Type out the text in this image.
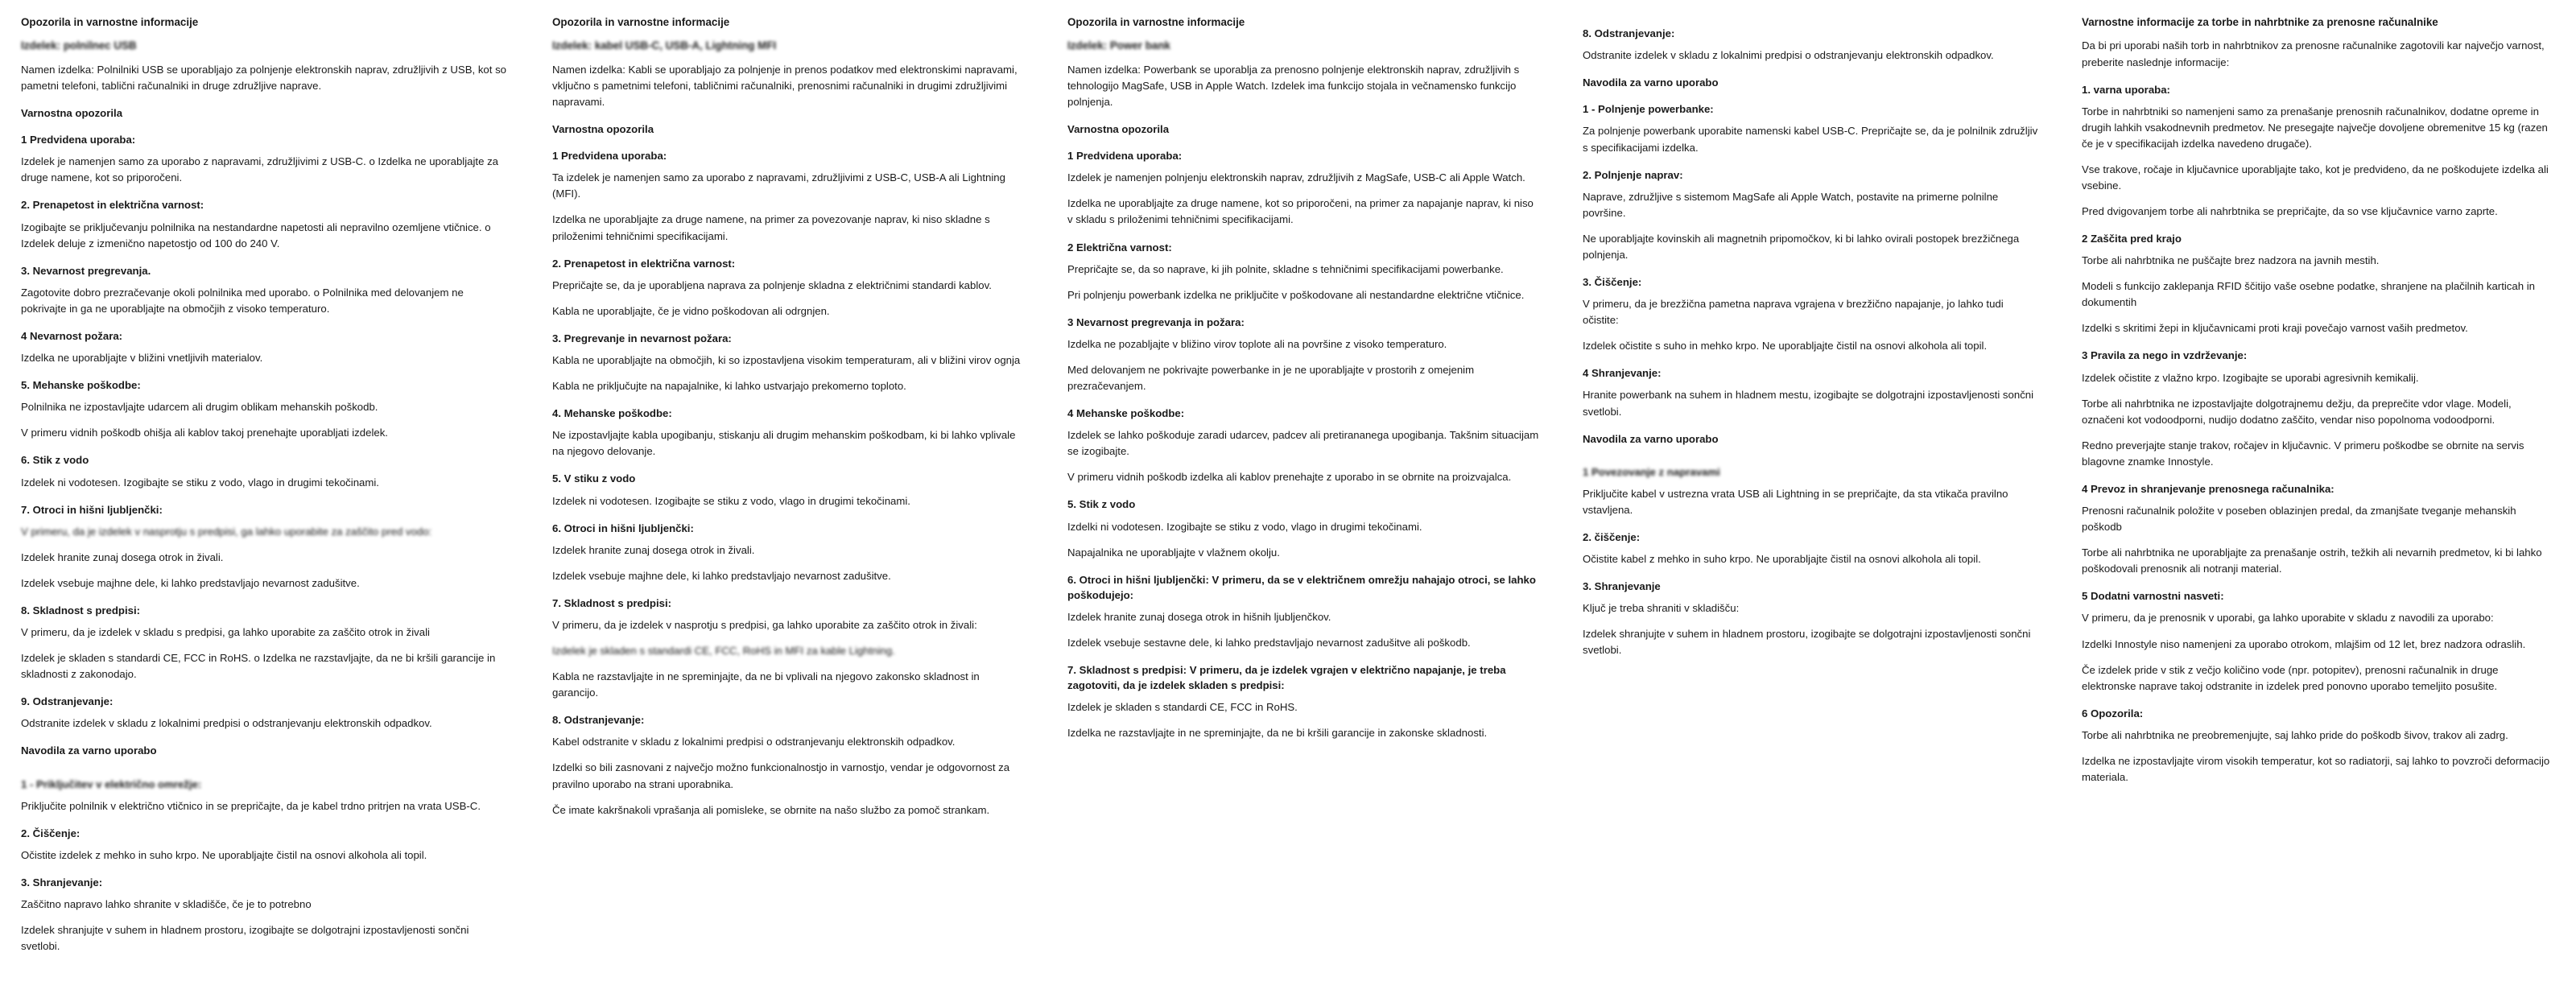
Opozorila in varnostne informacije
Izdelek: polnilnec USB
Namen izdelka: Polnilniki USB se uporabljajo za polnjenje elektronskih naprav, združljivih z USB, kot so pametni telefoni, tablični računalniki in druge združljive naprave.
Varnostna opozorila
1 Predvidena uporaba:
Izdelek je namenjen samo za uporabo z napravami, združljivimi z USB-C. o Izdelka ne uporabljajte za druge namene, kot so priporočeni.
2. Prenapetost in električna varnost:
Izogibajte se priključevanju polnilnika na nestandardne napetosti ali nepravilno ozemljene vtičnice. o Izdelek deluje z izmenično napetostjo od 100 do 240 V.
3. Nevarnost pregrevanja.
Zagotovite dobro prezračevanje okoli polnilnika med uporabo. o Polnilnika med delovanjem ne pokrivajte in ga ne uporabljajte na območjih z visoko temperaturo.
4 Nevarnost požara:
Izdelka ne uporabljajte v bližini vnetljivih materialov.
5. Mehanske poškodbe:
Polnilnika ne izpostavljajte udarcem ali drugim oblikam mehanskih poškodb.
V primeru vidnih poškodb ohišja ali kablov takoj prenehajte uporabljati izdelek.
6. Stik z vodo
Izdelek ni vodotesen. Izogibajte se stiku z vodo, vlago in drugimi tekočinami.
7. Otroci in hišni ljubljenčki:
V primeru, da je izdelek v nasprotju s predpisi, ga lahko uporabite za zaščito pred vodo:
Izdelek hranite zunaj dosega otrok in živali.
Izdelek vsebuje majhne dele, ki lahko predstavljajo nevarnost zadušitve.
8. Skladnost s predpisi:
V primeru, da je izdelek v skladu s predpisi, ga lahko uporabite za zaščito otrok in živali
Izdelek je skladen s standardi CE, FCC in RoHS. o Izdelka ne razstavljajte, da ne bi kršili garancije in skladnosti z zakonodajo.
9. Odstranjevanje:
Odstranite izdelek v skladu z lokalnimi predpisi o odstranjevanju elektronskih odpadkov.
Navodila za varno uporabo
1 - Priključitev v električno omrežje:
Priključite polnilnik v električno vtičnico in se prepričajte, da je kabel trdno pritrjen na vrata USB-C.
2. Čiščenje:
Očistite izdelek z mehko in suho krpo. Ne uporabljajte čistil na osnovi alkohola ali topil.
3. Shranjevanje:
Zaščitno napravo lahko shranite v skladišče, če je to potrebno
Izdelek shranjujte v suhem in hladnem prostoru, izogibajte se dolgotrajni izpostavljenosti sončni svetlobi.
Opozorila in varnostne informacije
Izdelek: kabel USB-C, USB-A, Lightning MFI
Namen izdelka: Kabli se uporabljajo za polnjenje in prenos podatkov med elektronskimi napravami, vključno s pametnimi telefoni, tabličnimi računalniki, prenosnimi računalniki in drugimi združljivimi napravami.
Varnostna opozorila
1 Predvidena uporaba:
Ta izdelek je namenjen samo za uporabo z napravami, združljivimi z USB-C, USB-A ali Lightning (MFI).
Izdelka ne uporabljajte za druge namene, na primer za povezovanje naprav, ki niso skladne s priloženimi tehničnimi specifikacijami.
2. Prenapetost in električna varnost:
Prepričajte se, da je uporabljena naprava za polnjenje skladna z električnimi standardi kablov.
Kabla ne uporabljajte, če je vidno poškodovan ali odrgnjen.
3. Pregrevanje in nevarnost požara:
Kabla ne uporabljajte na območjih, ki so izpostavljena visokim temperaturam, ali v bližini virov ognja
Kabla ne priključujte na napajalnike, ki lahko ustvarjajo prekomerno toploto.
4. Mehanske poškodbe:
Ne izpostavljajte kabla upogibanju, stiskanju ali drugim mehanskim poškodbam, ki bi lahko vplivale na njegovo delovanje.
5. V stiku z vodo
Izdelek ni vodotesen. Izogibajte se stiku z vodo, vlago in drugimi tekočinami.
6. Otroci in hišni ljubljenčki:
Izdelek hranite zunaj dosega otrok in živali.
Izdelek vsebuje majhne dele, ki lahko predstavljajo nevarnost zadušitve.
7. Skladnost s predpisi:
V primeru, da je izdelek v nasprotju s predpisi, ga lahko uporabite za zaščito otrok in živali:
Izdelek je skladen s standardi CE, FCC, RoHS in MFI za kable Lightning.
Kabla ne razstavljajte in ne spreminjajte, da ne bi vplivali na njegovo zakonsko skladnost in garancijo.
8. Odstranjevanje:
Kabel odstranite v skladu z lokalnimi predpisi o odstranjevanju elektronskih odpadkov.
Izdelki so bili zasnovani z največjo možno funkcionalnostjo in varnostjo, vendar je odgovornost za pravilno uporabo na strani uporabnika.
Če imate kakršnakoli vprašanja ali pomisleke, se obrnite na našo službo za pomoč strankam.
Opozorila in varnostne informacije
Izdelek: Power bank
Namen izdelka: Powerbank se uporablja za prenosno polnjenje elektronskih naprav, združljivih s tehnologijo MagSafe, USB in Apple Watch. Izdelek ima funkcijo stojala in večnamensko funkcijo polnjenja.
Varnostna opozorila
1 Predvidena uporaba:
Izdelek je namenjen polnjenju elektronskih naprav, združljivih z MagSafe, USB-C ali Apple Watch.
Izdelka ne uporabljajte za druge namene, kot so priporočeni, na primer za napajanje naprav, ki niso v skladu s priloženimi tehničnimi specifikacijami.
2 Električna varnost:
Prepričajte se, da so naprave, ki jih polnite, skladne s tehničnimi specifikacijami powerbanke.
Pri polnjenju powerbank izdelka ne priključite v poškodovane ali nestandardne električne vtičnice.
3 Nevarnost pregrevanja in požara:
Izdelka ne pozabljajte v bližino virov toplote ali na površine z visoko temperaturo.
Med delovanjem ne pokrivajte powerbanke in je ne uporabljajte v prostorih z omejenim prezračevanjem.
4 Mehanske poškodbe:
Izdelek se lahko poškoduje zaradi udarcev, padcev ali pretirananega upogibanja. Takšnim situacijam se izogibajte.
V primeru vidnih poškodb izdelka ali kablov prenehajte z uporabo in se obrnite na proizvajalca.
5. Stik z vodo
Izdelki ni vodotesen. Izogibajte se stiku z vodo, vlago in drugimi tekočinami.
Napajalnika ne uporabljajte v vlažnem okolju.
6. Otroci in hišni ljubljenčki: V primeru, da se v električnem omrežju nahajajo otroci, se lahko poškodujejo:
Izdelek hranite zunaj dosega otrok in hišnih ljubljenčkov.
Izdelek vsebuje sestavne dele, ki lahko predstavljajo nevarnost zadušitve ali poškodb.
7. Skladnost s predpisi: V primeru, da je izdelek vgrajen v električno napajanje, je treba zagotoviti, da je izdelek skladen s predpisi:
Izdelek je skladen s standardi CE, FCC in RoHS.
Izdelka ne razstavljajte in ne spreminjajte, da ne bi kršili garancije in zakonske skladnosti.
8. Odstranjevanje:
Odstranite izdelek v skladu z lokalnimi predpisi o odstranjevanju elektronskih odpadkov.
Navodila za varno uporabo
1 - Polnjenje powerbanke:
Za polnjenje powerbank uporabite namenski kabel USB-C. Prepričajte se, da je polnilnik združljiv s specifikacijami izdelka.
2. Polnjenje naprav:
Naprave, združljive s sistemom MagSafe ali Apple Watch, postavite na primerne polnilne površine.
Ne uporabljajte kovinskih ali magnetnih pripomočkov, ki bi lahko ovirali postopek brezžičnega polnjenja.
3. Čiščenje:
V primeru, da je brezžična pametna naprava vgrajena v brezžično napajanje, jo lahko tudi očistite:
Izdelek očistite s suho in mehko krpo. Ne uporabljajte čistil na osnovi alkohola ali topil.
4 Shranjevanje:
Hranite powerbank na suhem in hladnem mestu, izogibajte se dolgotrajni izpostavljenosti sončni svetlobi.
Navodila za varno uporabo
1 Povezovanje z napravami
Priključite kabel v ustrezna vrata USB ali Lightning in se prepričajte, da sta vtikača pravilno vstavljena.
2. čiščenje:
Očistite kabel z mehko in suho krpo. Ne uporabljajte čistil na osnovi alkohola ali topil.
3. Shranjevanje
Ključ je treba shraniti v skladišču:
Izdelek shranjujte v suhem in hladnem prostoru, izogibajte se dolgotrajni izpostavljenosti sončni svetlobi.
Varnostne informacije za torbe in nahrbtnike za prenosne računalnike
Da bi pri uporabi naših torb in nahrbtnikov za prenosne računalnike zagotovili kar največjo varnost, preberite naslednje informacije:
1. varna uporaba:
Torbe in nahrbtniki so namenjeni samo za prenašanje prenosnih računalnikov, dodatne opreme in drugih lahkih vsakodnevnih predmetov. Ne presegajte največje dovoljene obremenitve 15 kg (razen če je v specifikacijah izdelka navedeno drugače).
Vse trakove, ročaje in ključavnice uporabljajte tako, kot je predvideno, da ne poškodujete izdelka ali vsebine.
Pred dvigovanjem torbe ali nahrbtnika se prepričajte, da so vse ključavnice varno zaprte.
2 Zaščita pred krajo
Torbe ali nahrbtnika ne puščajte brez nadzora na javnih mestih.
Modeli s funkcijo zaklepanja RFID ščitijo vaše osebne podatke, shranjene na plačilnih karticah in dokumentih
Izdelki s skritimi žepi in ključavnicami proti kraji povečajo varnost vaših predmetov.
3 Pravila za nego in vzdrževanje:
Izdelek očistite z vlažno krpo. Izogibajte se uporabi agresivnih kemikalij.
Torbe ali nahrbtnika ne izpostavljajte dolgotrajnemu dežju, da preprečite vdor vlage. Modeli, označeni kot vodoodporni, nudijo dodatno zaščito, vendar niso popolnoma vodoodporni.
Redno preverjajte stanje trakov, ročajev in ključavnic. V primeru poškodbe se obrnite na servis blagovne znamke Innostyle.
4 Prevoz in shranjevanje prenosnega računalnika:
Prenosni računalnik položite v poseben oblazinjen predal, da zmanjšate tveganje mehanskih poškodb
Torbe ali nahrbtnika ne uporabljajte za prenašanje ostrih, težkih ali nevarnih predmetov, ki bi lahko poškodovali prenosnik ali notranji material.
5 Dodatni varnostni nasveti:
V primeru, da je prenosnik v uporabi, ga lahko uporabite v skladu z navodili za uporabo:
Izdelki Innostyle niso namenjeni za uporabo otrokom, mlajšim od 12 let, brez nadzora odraslih.
Če izdelek pride v stik z večjo količino vode (npr. potopitev), prenosni računalnik in druge elektronske naprave takoj odstranite in izdelek pred ponovno uporabo temeljito posušite.
6 Opozorila:
Torbe ali nahrbtnika ne preobremenjujte, saj lahko pride do poškodb šivov, trakov ali zadrg.
Izdelka ne izpostavljajte virom visokih temperatur, kot so radiatorji, saj lahko to povzroči deformacijo materiala.
